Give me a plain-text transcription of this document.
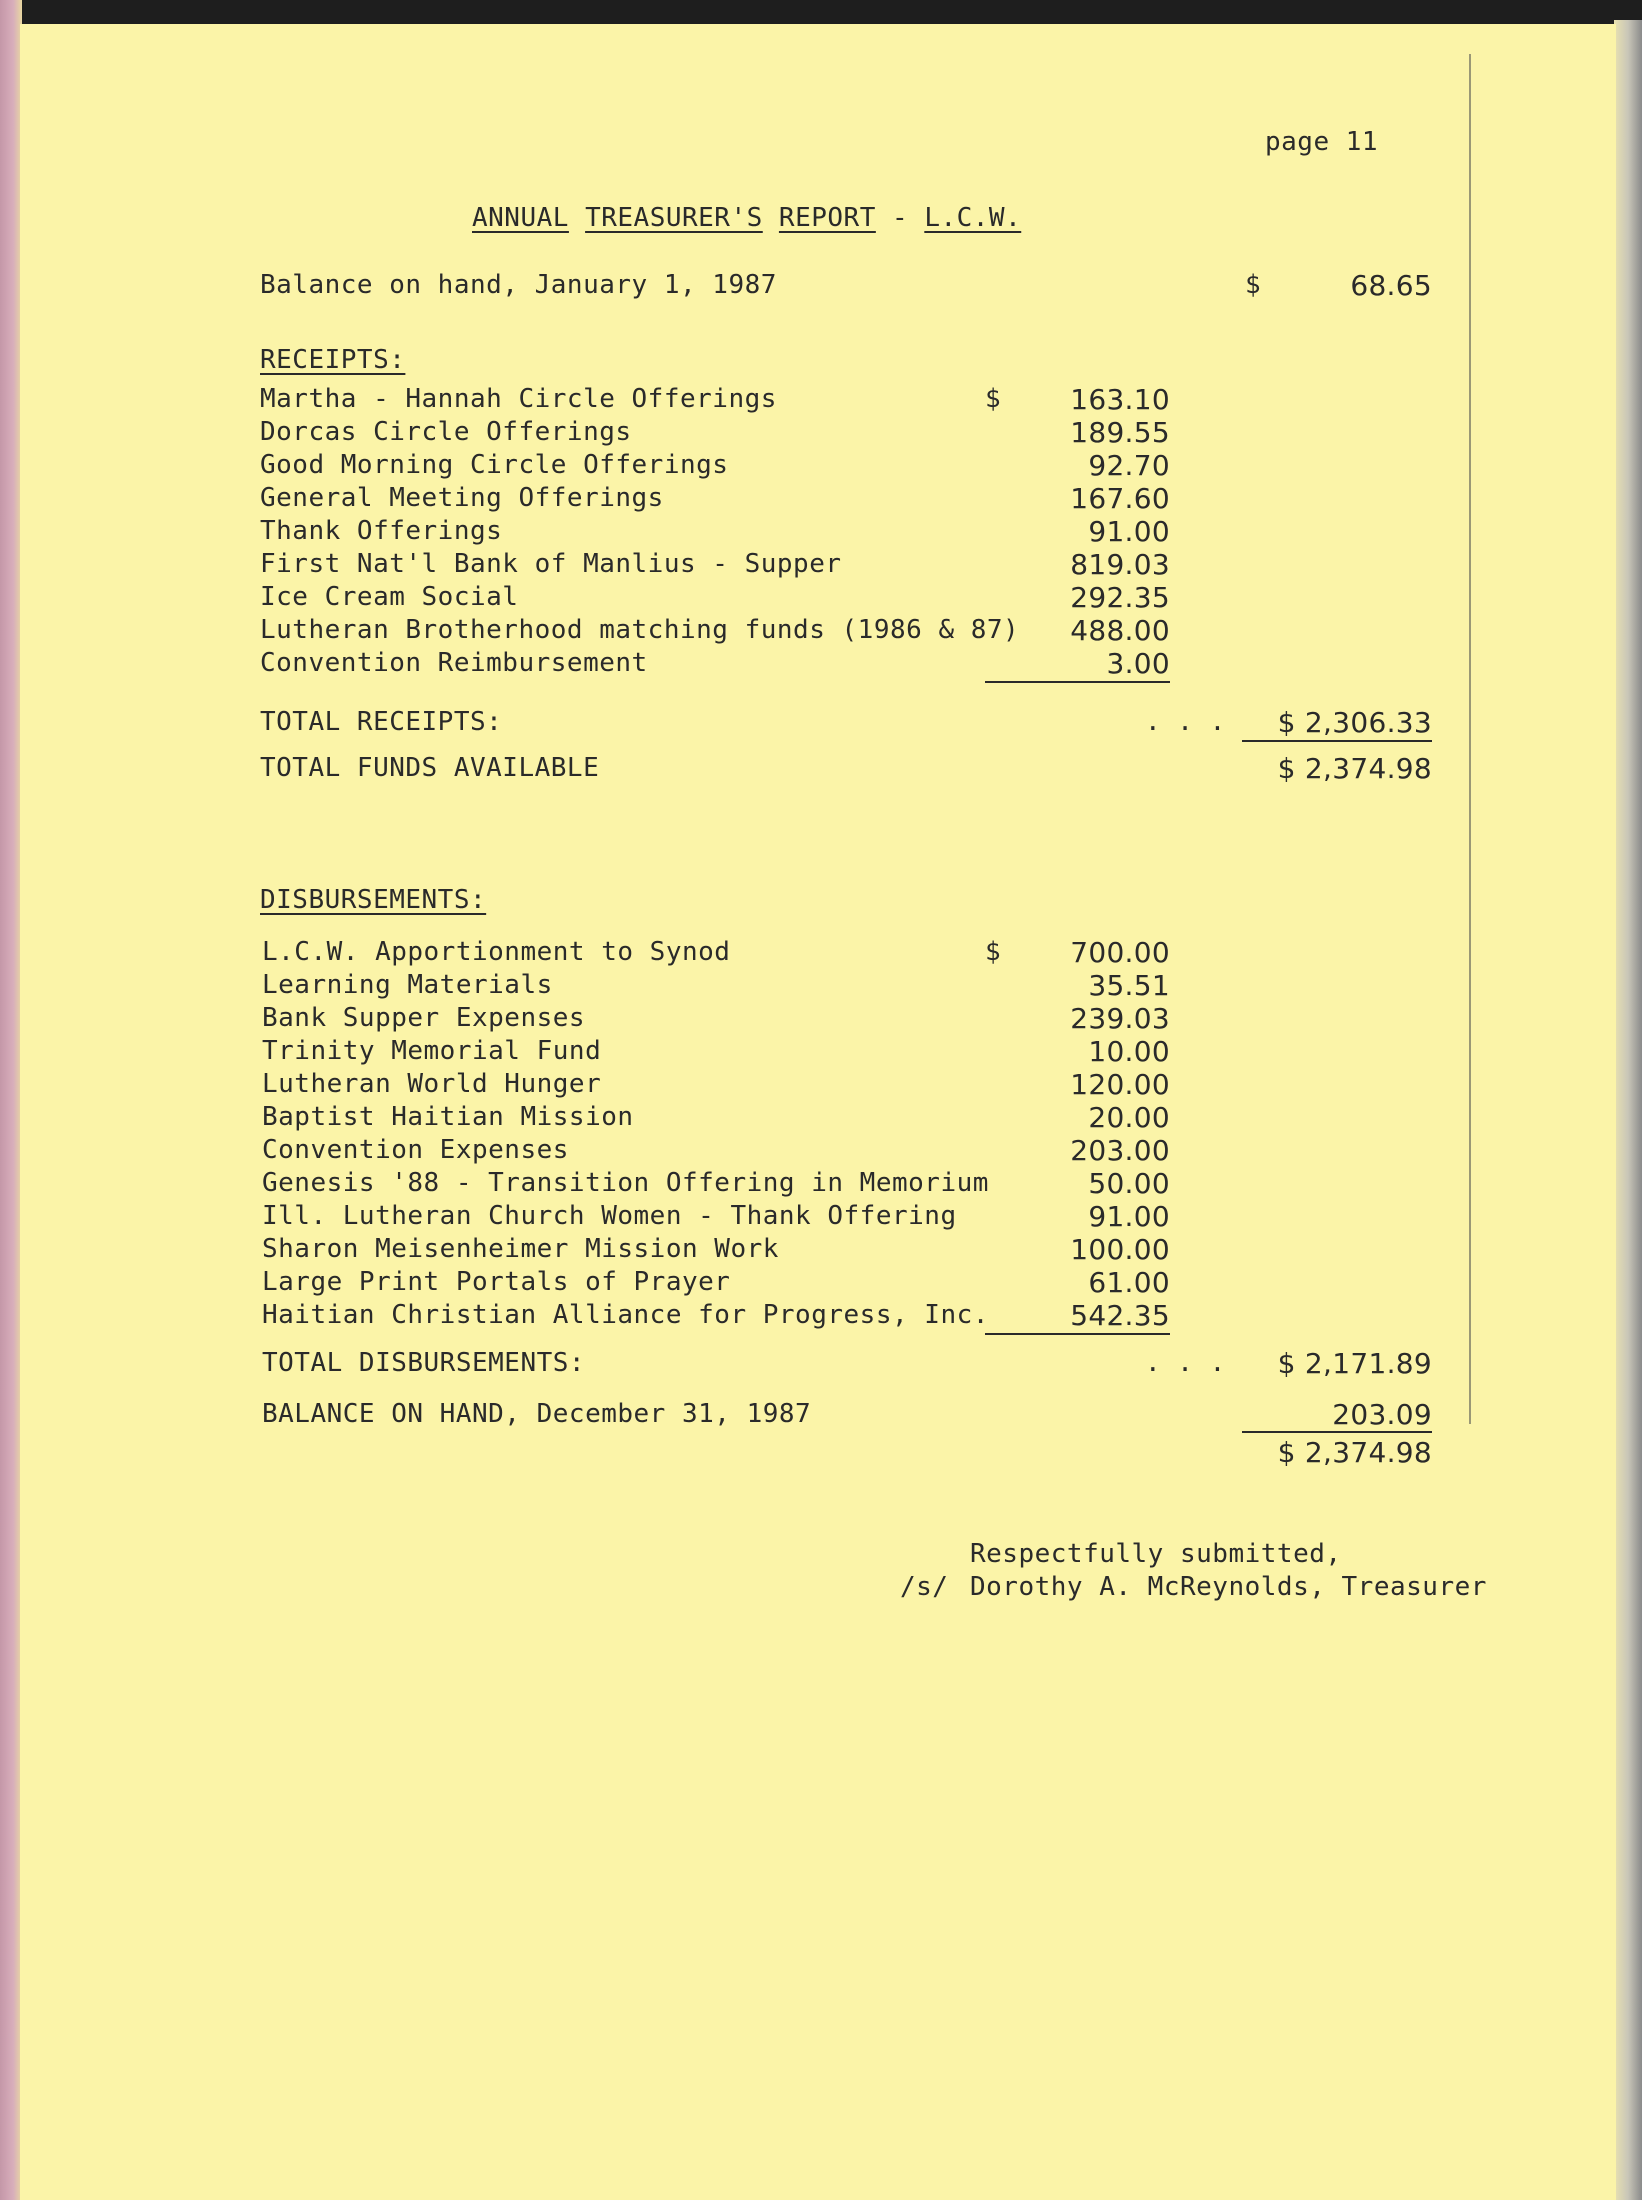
page 11
ANNUAL TREASURER'S REPORT - L.C.W.
Balance on hand, January 1, 1987	$	68.65
RECEIPTS:
$
Martha - Hannah Circle Offerings	163.10
Dorcas Circle Offerings	189.55
Good Morning Circle Offerings	92.70
General Meeting Offerings	167.60
Thank Offerings	91.00
First Nat'l Bank of Manlius - Supper	819.03
Ice Cream Social	292.35
Lutheran Brotherhood matching funds (1986 & 87)	488.00
Convention Reimbursement	3.00
TOTAL RECEIPTS:	. . .	$ 2,306.33
TOTAL FUNDS AVAILABLE	$ 2,374.98
DISBURSEMENTS:
$
L.C.W. Apportionment to Synod	700.00
Learning Materials	35.51
Bank Supper Expenses	239.03
Trinity Memorial Fund	10.00
Lutheran World Hunger	120.00
Baptist Haitian Mission	20.00
Convention Expenses	203.00
Genesis '88 - Transition Offering in Memorium	50.00
Ill. Lutheran Church Women - Thank Offering	91.00
Sharon Meisenheimer Mission Work	100.00
Large Print Portals of Prayer	61.00
Haitian Christian Alliance for Progress, Inc.	542.35
TOTAL DISBURSEMENTS:	. . .	$ 2,171.89
BALANCE ON HAND, December 31, 1987	203.09
$ 2,374.98
Respectfully submitted,
/s/ Dorothy A. McReynolds, Treasurer
